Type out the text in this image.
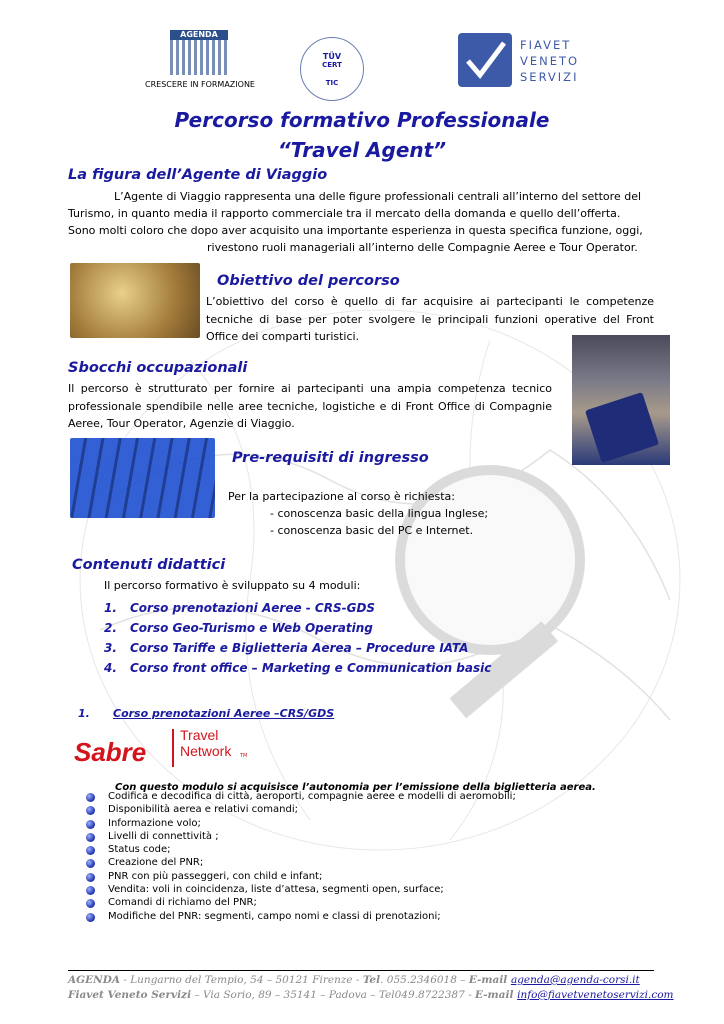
AGENDA
CRESCERE IN FORMAZIONE
TÜV
CERT
TIC
FIAVET
VENETO
SERVIZI
Percorso formativo Professionale
“Travel Agent”
La figura dell’Agente di Viaggio
L’Agente di Viaggio rappresenta una delle figure professionali centrali all’interno del settore del
Turismo, in quanto media il rapporto commerciale tra il mercato della domanda e quello dell’offerta.
Sono molti coloro che dopo aver acquisito una importante esperienza in questa specifica funzione, oggi,
rivestono ruoli manageriali all’interno delle Compagnie Aeree e Tour Operator.
Obiettivo del percorso
L’obiettivo del corso è quello di far acquisire ai partecipanti le competenze tecniche di base per poter svolgere le principali funzioni operative del Front Office dei comparti turistici.
Sbocchi occupazionali
Il percorso è strutturato per fornire ai partecipanti una ampia competenza tecnico professionale spendibile nelle aree tecniche, logistiche e di Front Office di Compagnie Aeree, Tour Operator, Agenzie di Viaggio.
Pre-requisiti di ingresso
Per la partecipazione al corso è richiesta:
- conoscenza basic della lingua Inglese;
- conoscenza basic del PC e Internet.
Contenuti didattici
Il percorso formativo è sviluppato su 4 moduli:
1. Corso prenotazioni Aeree - CRS-GDS
2. Corso Geo-Turismo e Web Operating
3. Corso Tariffe e Biglietteria Aerea – Procedure IATA
4. Corso front office – Marketing e Communication basic
1. Corso prenotazioni Aeree –CRS/GDS
Sabre
Travel
Network TM
Con questo modulo si acquisisce l’autonomia per l’emissione della biglietteria aerea.
Codifica e decodifica di città, aeroporti, compagnie aeree e modelli di aeromobili;
Disponibilità aerea e relativi comandi;
Informazione volo;
Livelli di connettività ;
Status code;
Creazione del PNR;
PNR con più passeggeri, con child e infant;
Vendita: voli in coincidenza, liste d’attesa, segmenti open, surface;
Comandi di richiamo del PNR;
Modifiche del PNR: segmenti, campo nomi e classi di prenotazioni;
AGENDA - Lungarno del Tempio, 54 – 50121 Firenze - Tel. 055.2346018 – E-mail agenda@agenda-corsi.it
Fiavet Veneto Servizi – Via Sorio, 89 – 35141 – Padova – Tel049.8722387 - E-mail info@fiavetvenetoservizi.com
